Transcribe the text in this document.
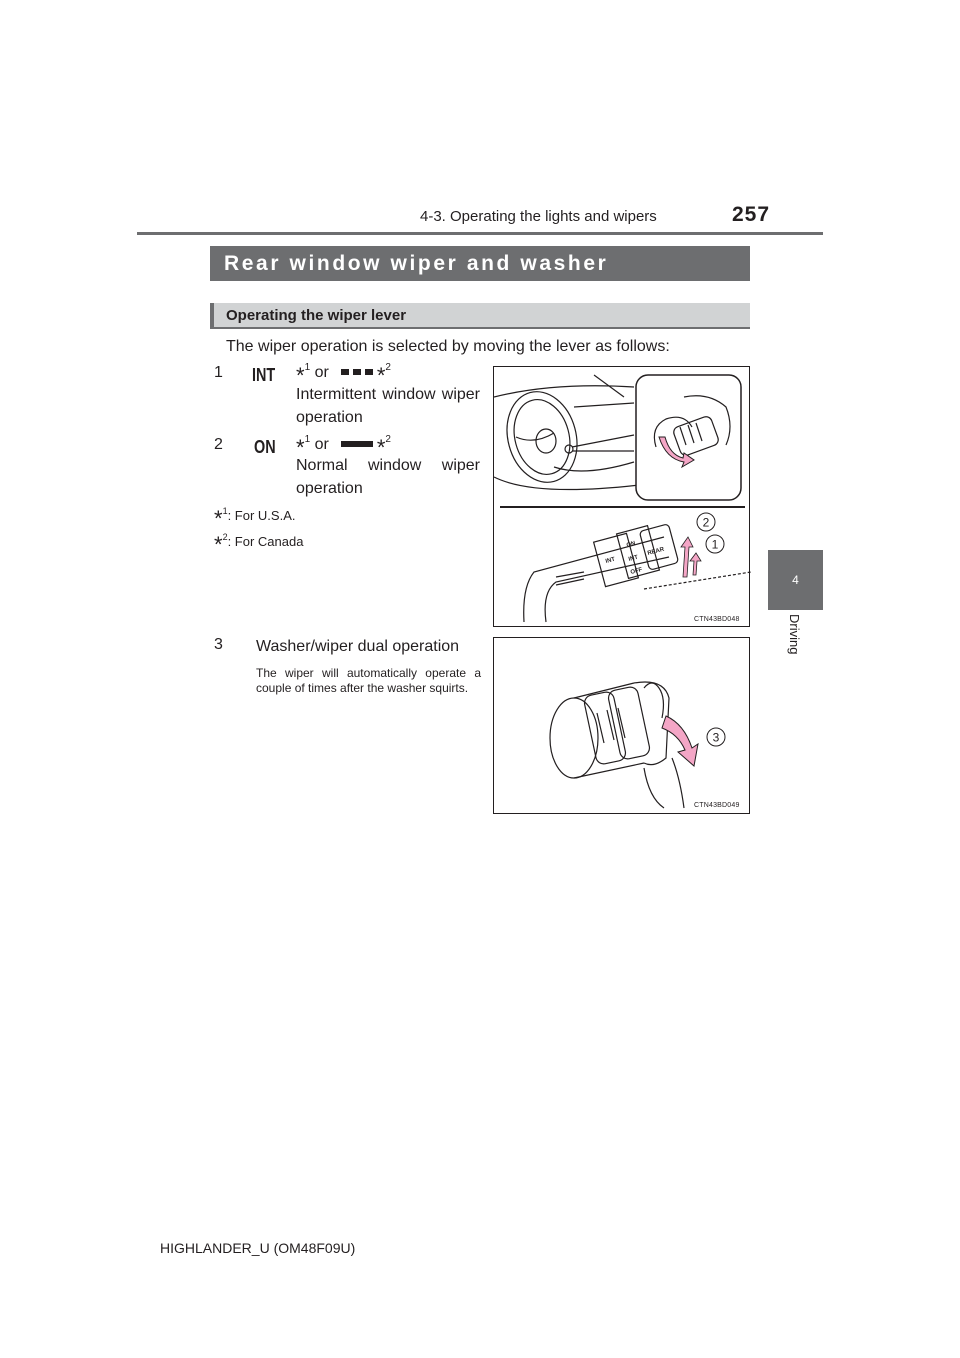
4-3. Operating the lights and wipers	257
4
Driving
Rear window wiper and washer
Operating the wiper lever
The wiper operation is selected by moving the lever as follows:
1 INT *$^1$ or *$^2$
Intermittent window wiper operation
2 ON *$^1$ or *$^2$
Normal window wiper operation
*$^1$: For U.S.A.
*$^2$: For Canada
INT
ON
INT
OFF
REAR
2
1
CTN43BD048
3 Washer/wiper dual operation
The wiper will automatically operate a couple of times after the washer squirts.
3
CTN43BD049
HIGHLANDER_U (OM48F09U)
